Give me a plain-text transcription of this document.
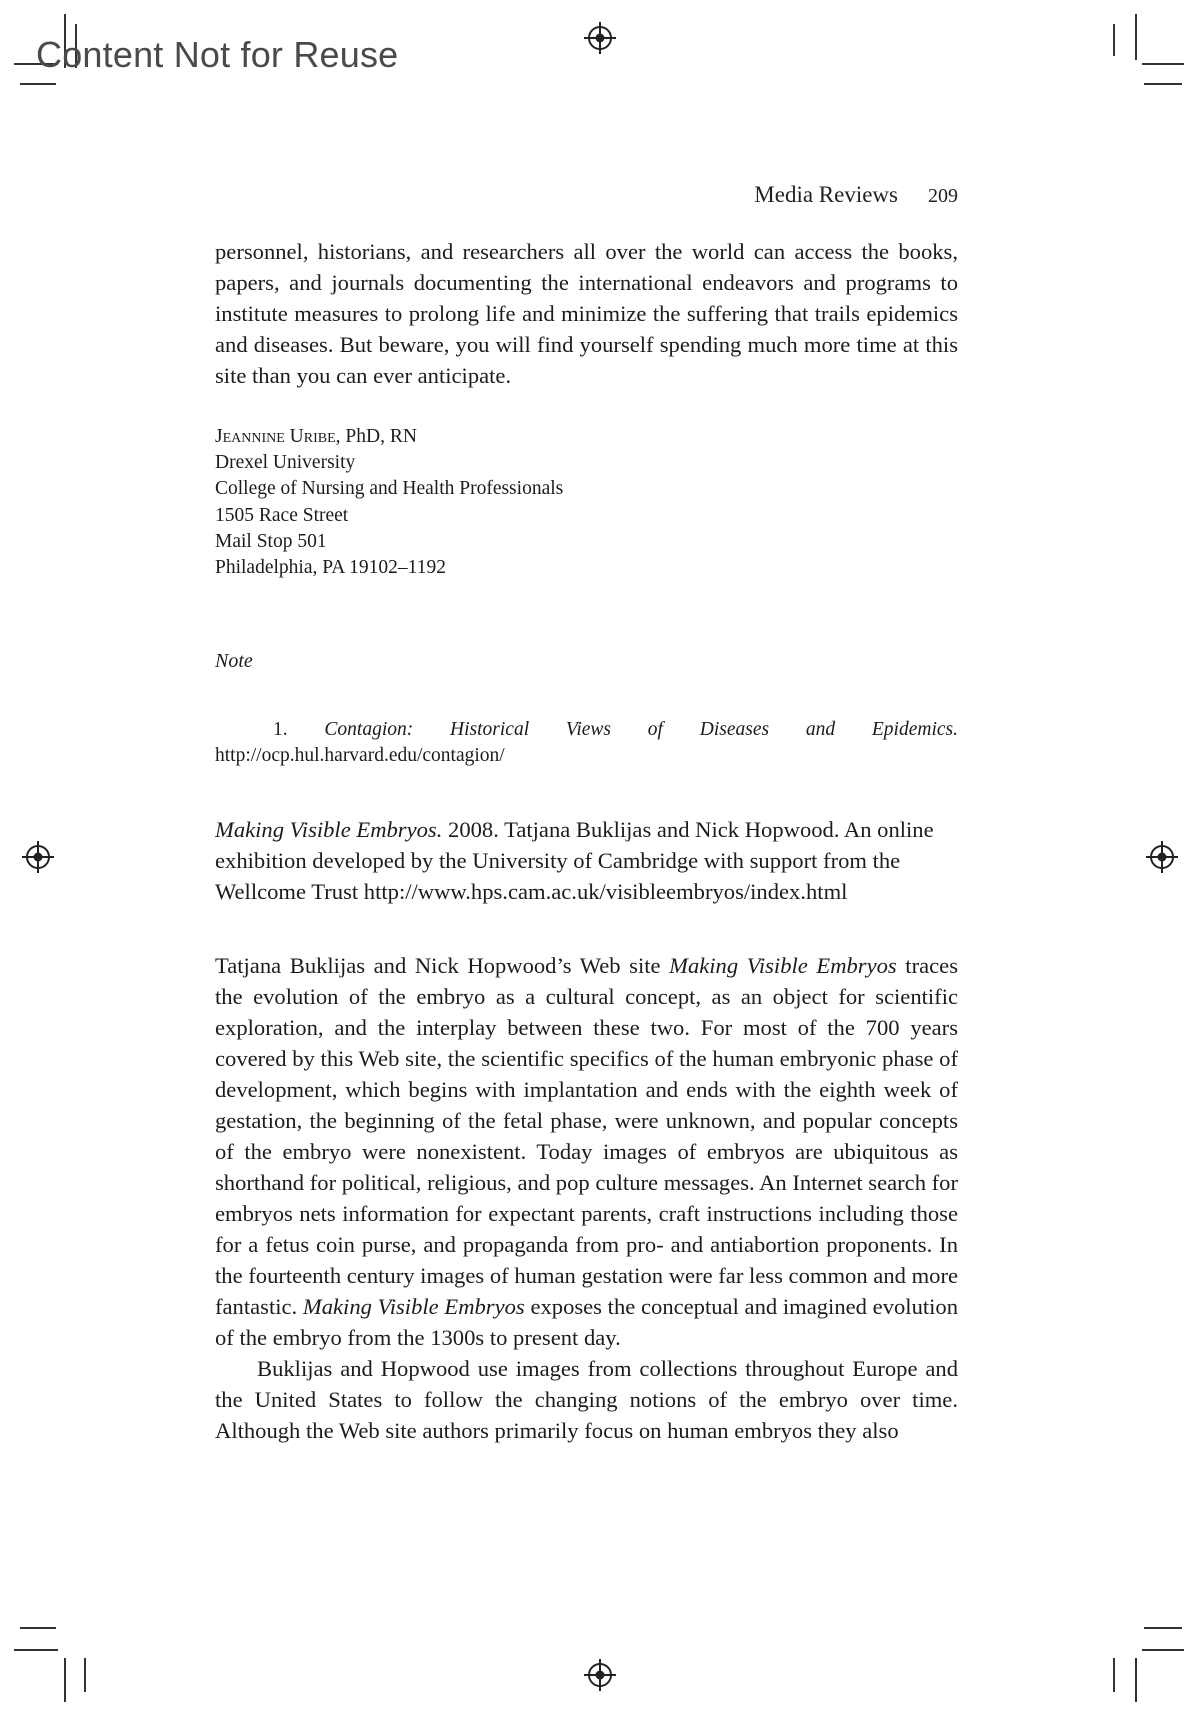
Content Not for Reuse
Media Reviews 209

personnel, historians, and researchers all over the world can access the books, papers, and journals documenting the international endeavors and programs to institute measures to prolong life and minimize the suffering that trails epidemics and diseases. But beware, you will find yourself spending much more time at this site than you can ever anticipate.

Jeannine Uribe, PhD, RN
Drexel University
College of Nursing and Health Professionals
1505 Race Street
Mail Stop 501
Philadelphia, PA 19102–1192
Note
1. Contagion: Historical Views of Diseases and Epidemics. http://ocp.hul.harvard.edu/contagion/

Making Visible Embryos. 2008. Tatjana Buklijas and Nick Hopwood. An online exhibition developed by the University of Cambridge with support from the Wellcome Trust http://www.hps.cam.ac.uk/visibleembryos/index.html

Tatjana Buklijas and Nick Hopwood’s Web site Making Visible Embryos traces the evolution of the embryo as a cultural concept, as an object for scientific exploration, and the interplay between these two. For most of the 700 years covered by this Web site, the scientific specifics of the human embryonic phase of development, which begins with implantation and ends with the eighth week of gestation, the beginning of the fetal phase, were unknown, and popular concepts of the embryo were nonexistent. Today images of embryos are ubiquitous as shorthand for political, religious, and pop culture messages. An Internet search for embryos nets information for expectant parents, craft instructions including those for a fetus coin purse, and propaganda from pro- and antiabortion proponents. In the fourteenth century images of human gestation were far less common and more fantastic. Making Visible Embryos exposes the conceptual and imagined evolution of the embryo from the 1300s to present day.

Buklijas and Hopwood use images from collections throughout Europe and the United States to follow the changing notions of the embryo over time. Although the Web site authors primarily focus on human embryos they also
